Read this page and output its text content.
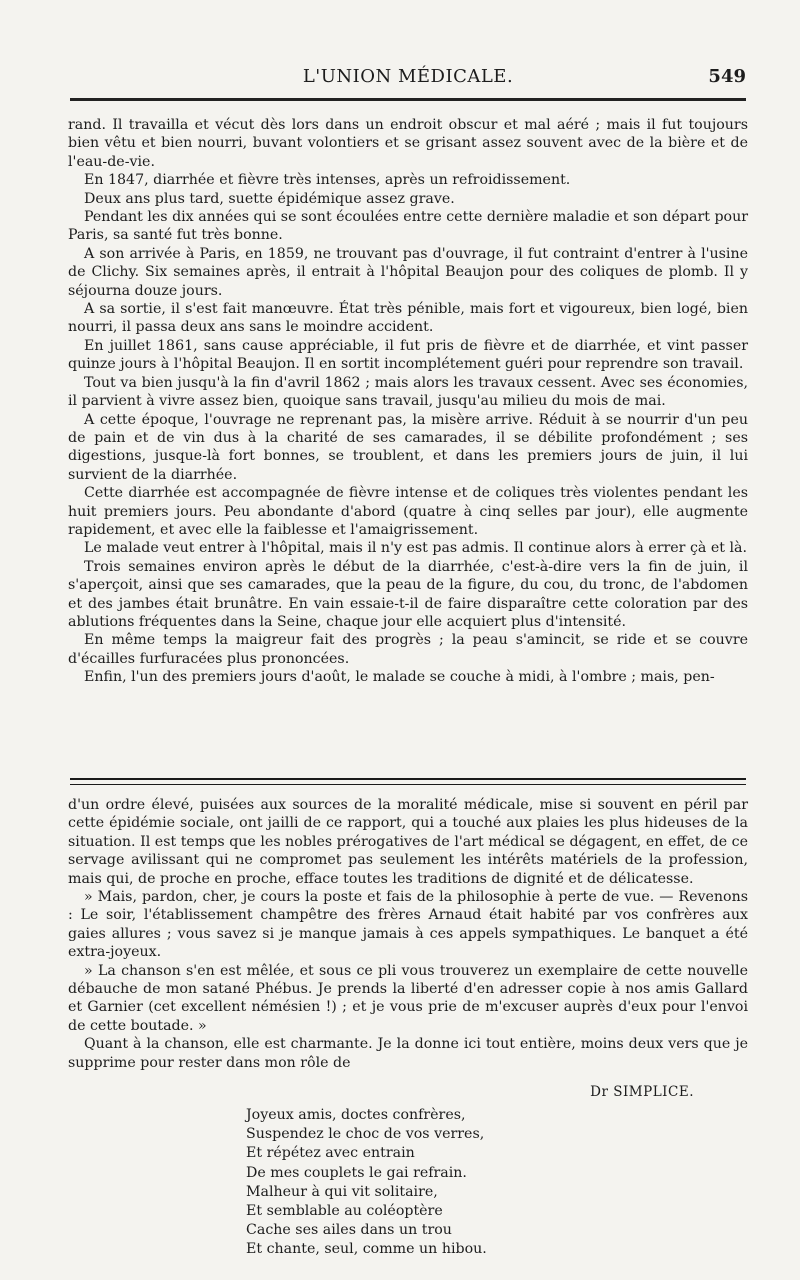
L'UNION MÉDICALE.	549

rand. Il travailla et vécut dès lors dans un endroit obscur et mal aéré ; mais il fut toujours bien vêtu et bien nourri, buvant volontiers et se grisant assez souvent avec de la bière et de l'eau-de-vie.

En 1847, diarrhée et fièvre très intenses, après un refroidissement.

Deux ans plus tard, suette épidémique assez grave.

Pendant les dix années qui se sont écoulées entre cette dernière maladie et son départ pour Paris, sa santé fut très bonne.

A son arrivée à Paris, en 1859, ne trouvant pas d'ouvrage, il fut contraint d'entrer à l'usine de Clichy. Six semaines après, il entrait à l'hôpital Beaujon pour des coliques de plomb. Il y séjourna douze jours.

A sa sortie, il s'est fait manœuvre. État très pénible, mais fort et vigoureux, bien logé, bien nourri, il passa deux ans sans le moindre accident.

En juillet 1861, sans cause appréciable, il fut pris de fièvre et de diarrhée, et vint passer quinze jours à l'hôpital Beaujon. Il en sortit incomplétement guéri pour reprendre son travail.

Tout va bien jusqu'à la fin d'avril 1862 ; mais alors les travaux cessent. Avec ses économies, il parvient à vivre assez bien, quoique sans travail, jusqu'au milieu du mois de mai.

A cette époque, l'ouvrage ne reprenant pas, la misère arrive. Réduit à se nourrir d'un peu de pain et de vin dus à la charité de ses camarades, il se débilite profondément ; ses digestions, jusque-là fort bonnes, se troublent, et dans les premiers jours de juin, il lui survient de la diarrhée.

Cette diarrhée est accompagnée de fièvre intense et de coliques très violentes pendant les huit premiers jours. Peu abondante d'abord (quatre à cinq selles par jour), elle augmente rapidement, et avec elle la faiblesse et l'amaigrissement.

Le malade veut entrer à l'hôpital, mais il n'y est pas admis. Il continue alors à errer çà et là.

Trois semaines environ après le début de la diarrhée, c'est-à-dire vers la fin de juin, il s'aperçoit, ainsi que ses camarades, que la peau de la figure, du cou, du tronc, de l'abdomen et des jambes était brunâtre. En vain essaie-t-il de faire disparaître cette coloration par des ablutions fréquentes dans la Seine, chaque jour elle acquiert plus d'intensité.

En même temps la maigreur fait des progrès ; la peau s'amincit, se ride et se couvre d'écailles furfuracées plus prononcées.

Enfin, l'un des premiers jours d'août, le malade se couche à midi, à l'ombre ; mais, pen-

d'un ordre élevé, puisées aux sources de la moralité médicale, mise si souvent en péril par cette épidémie sociale, ont jailli de ce rapport, qui a touché aux plaies les plus hideuses de la situation. Il est temps que les nobles prérogatives de l'art médical se dégagent, en effet, de ce servage avilissant qui ne compromet pas seulement les intérêts matériels de la profession, mais qui, de proche en proche, efface toutes les traditions de dignité et de délicatesse.

» Mais, pardon, cher, je cours la poste et fais de la philosophie à perte de vue. — Revenons : Le soir, l'établissement champêtre des frères Arnaud était habité par vos confrères aux gaies allures ; vous savez si je manque jamais à ces appels sympathiques. Le banquet a été extra-joyeux.

» La chanson s'en est mêlée, et sous ce pli vous trouverez un exemplaire de cette nouvelle débauche de mon satané Phébus. Je prends la liberté d'en adresser copie à nos amis Gallard et Garnier (cet excellent némésien !) ; et je vous prie de m'excuser auprès d'eux pour l'envoi de cette boutade. »

Quant à la chanson, elle est charmante. Je la donne ici tout entière, moins deux vers que je supprime pour rester dans mon rôle de

Dr SIMPLICE.
Joyeux amis, doctes confrères,
Suspendez le choc de vos verres,
Et répétez avec entrain
De mes couplets le gai refrain.
Malheur à qui vit solitaire,
Et semblable au coléoptère
Cache ses ailes dans un trou
Et chante, seul, comme un hibou.
